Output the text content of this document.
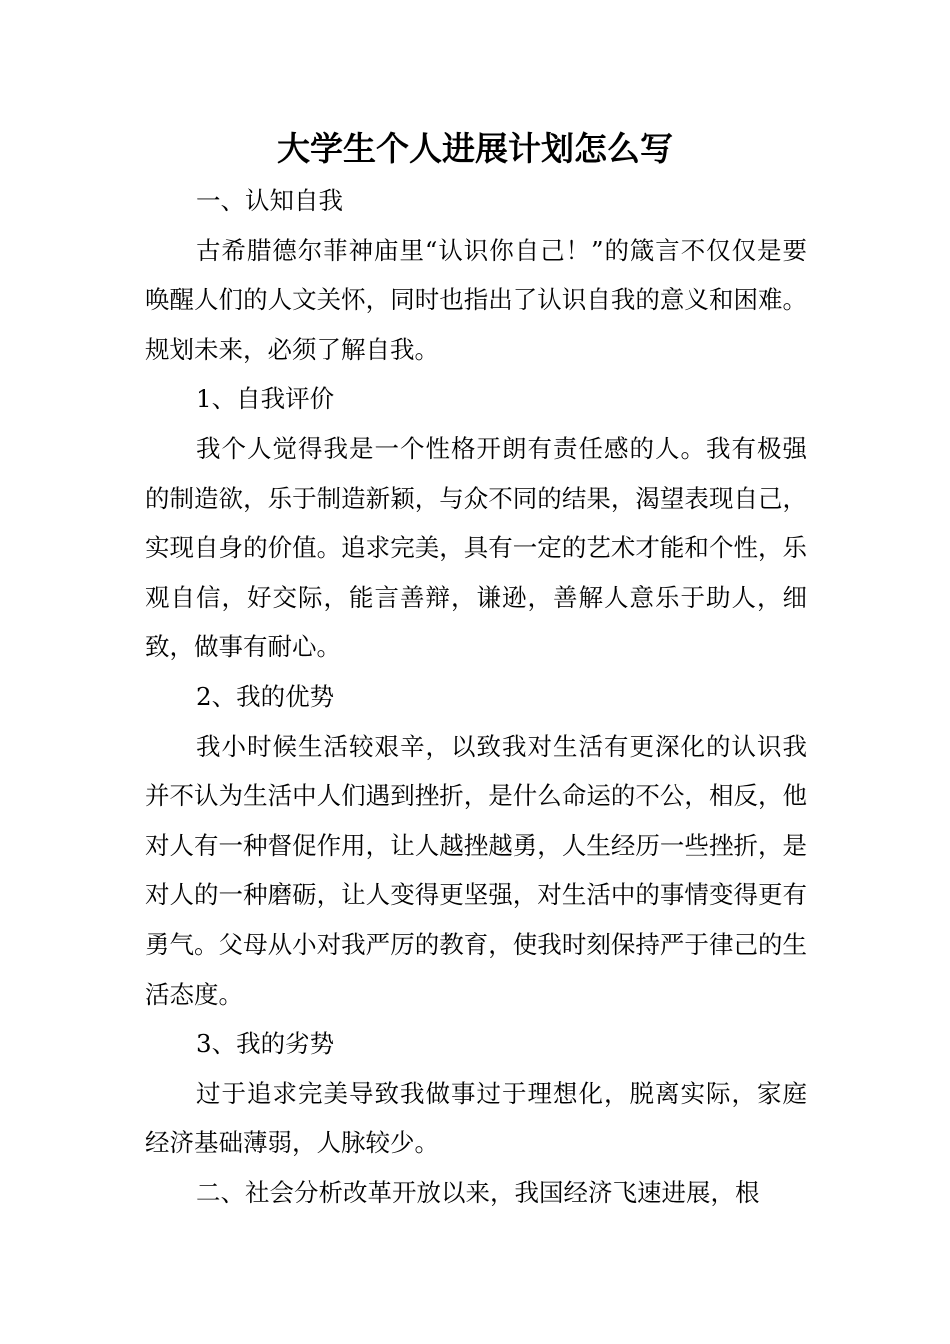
大学生个人进展计划怎么写

一、认知自我

古希腊德尔菲神庙里“认识你自己！”的箴言不仅仅是要唤醒人们的人文关怀，同时也指出了认识自我的意义和困难。规划未来，必须了解自我。

1、自我评价

我个人觉得我是一个性格开朗有责任感的人。我有极强的制造欲，乐于制造新颖，与众不同的结果，渴望表现自己，实现自身的价值。追求完美，具有一定的艺术才能和个性，乐观自信，好交际，能言善辩，谦逊，善解人意乐于助人，细致，做事有耐心。

2、我的优势

我小时候生活较艰辛，以致我对生活有更深化的认识我并不认为生活中人们遇到挫折，是什么命运的不公，相反，他对人有一种督促作用，让人越挫越勇，人生经历一些挫折，是对人的一种磨砺，让人变得更坚强，对生活中的事情变得更有勇气。父母从小对我严厉的教育，使我时刻保持严于律己的生活态度。

3、我的劣势

过于追求完美导致我做事过于理想化，脱离实际，家庭经济基础薄弱，人脉较少。

二、社会分析改革开放以来，我国经济飞速进展，根
